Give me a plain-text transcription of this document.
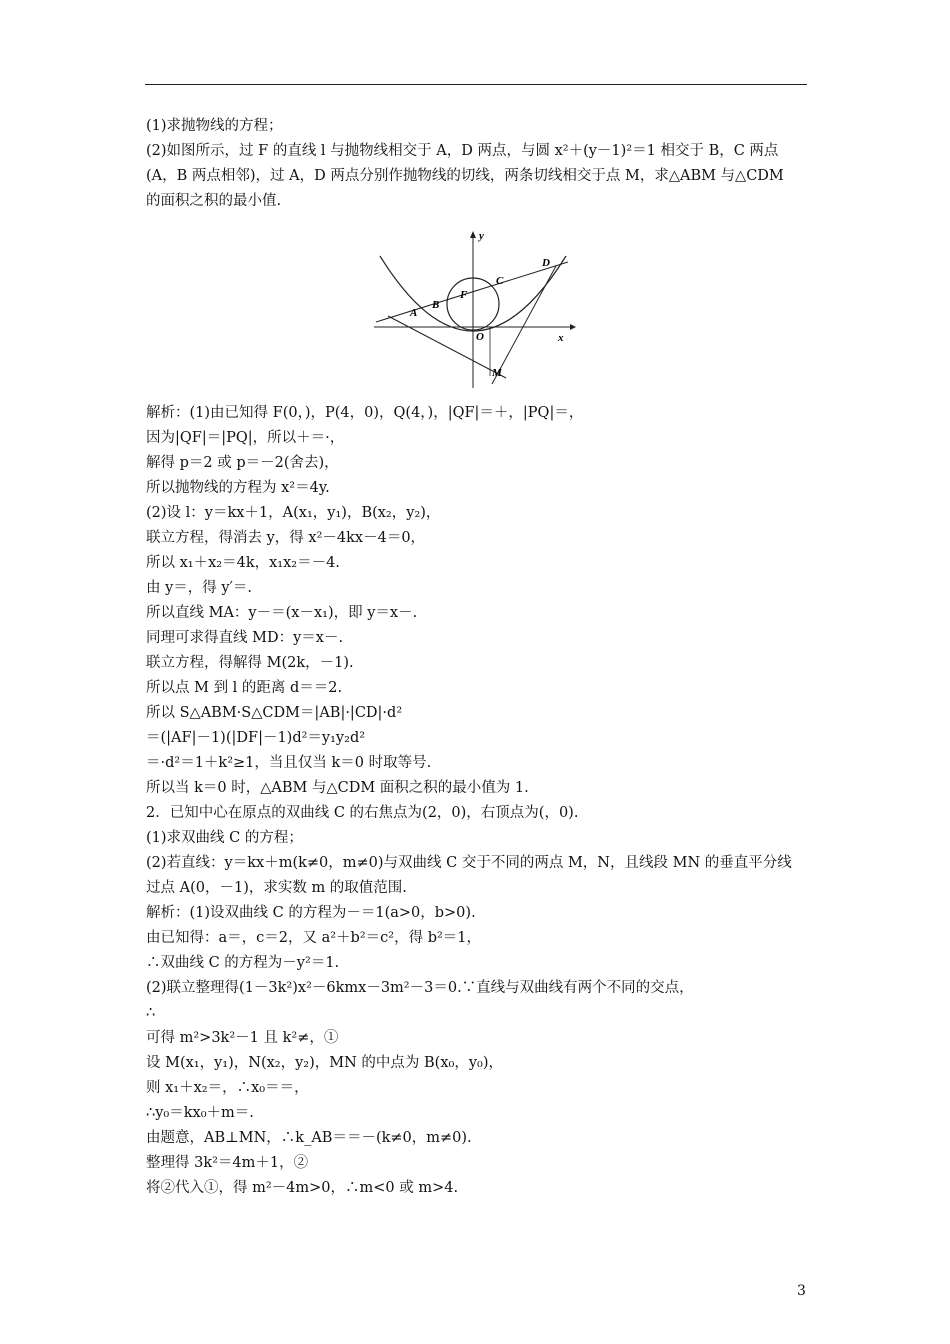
(1)求抛物线的方程；
(2)如图所示，过 F 的直线 l 与抛物线相交于 A，D 两点，与圆 x²＋(y－1)²＝1 相交于 B，C 两点
(A，B 两点相邻)，过 A，D 两点分别作抛物线的切线，两条切线相交于点 M，求△ABM 与△CDM
的面积之积的最小值.
y
x
O
F
A
B
C
D
M
解析：(1)由已知得 F(0，)，P(4，0)，Q(4，)，|QF|＝＋，|PQ|＝，
因为|QF|＝|PQ|，所以＋＝·，
解得 p＝2 或 p＝－2(舍去)，
所以抛物线的方程为 x²＝4y.
(2)设 l：y＝kx＋1，A(x₁，y₁)，B(x₂，y₂)，
联立方程，得消去 y，得 x²－4kx－4＝0，
所以 x₁＋x₂＝4k，x₁x₂＝－4.
由 y＝，得 y′＝.
所以直线 MA：y－＝(x－x₁)，即 y＝x－.
同理可求得直线 MD：y＝x－.
联立方程，得解得 M(2k，－1).
所以点 M 到 l 的距离 d＝＝2.
所以 S△ABM·S△CDM＝|AB|·|CD|·d²
＝(|AF|－1)(|DF|－1)d²＝y₁y₂d²
＝·d²＝1＋k²≥1，当且仅当 k＝0 时取等号.
所以当 k＝0 时，△ABM 与△CDM 面积之积的最小值为 1.
2．已知中心在原点的双曲线 C 的右焦点为(2，0)，右顶点为(，0).
(1)求双曲线 C 的方程；
(2)若直线：y＝kx＋m(k≠0，m≠0)与双曲线 C 交于不同的两点 M，N，且线段 MN 的垂直平分线
过点 A(0，－1)，求实数 m 的取值范围.
解析：(1)设双曲线 C 的方程为－＝1(a>0，b>0).
由已知得：a＝，c＝2，又 a²＋b²＝c²，得 b²＝1，
∴双曲线 C 的方程为－y²＝1.
(2)联立整理得(1－3k²)x²－6kmx－3m²－3＝0.∵直线与双曲线有两个不同的交点，
∴
可得 m²>3k²－1 且 k²≠，①
设 M(x₁，y₁)，N(x₂，y₂)，MN 的中点为 B(x₀，y₀)，
则 x₁＋x₂＝，∴x₀＝＝，
∴y₀＝kx₀＋m＝.
由题意，AB⊥MN，∴k_AB＝＝－(k≠0，m≠0).
整理得 3k²＝4m＋1，②
将②代入①，得 m²－4m>0，∴m<0 或 m>4.
3
